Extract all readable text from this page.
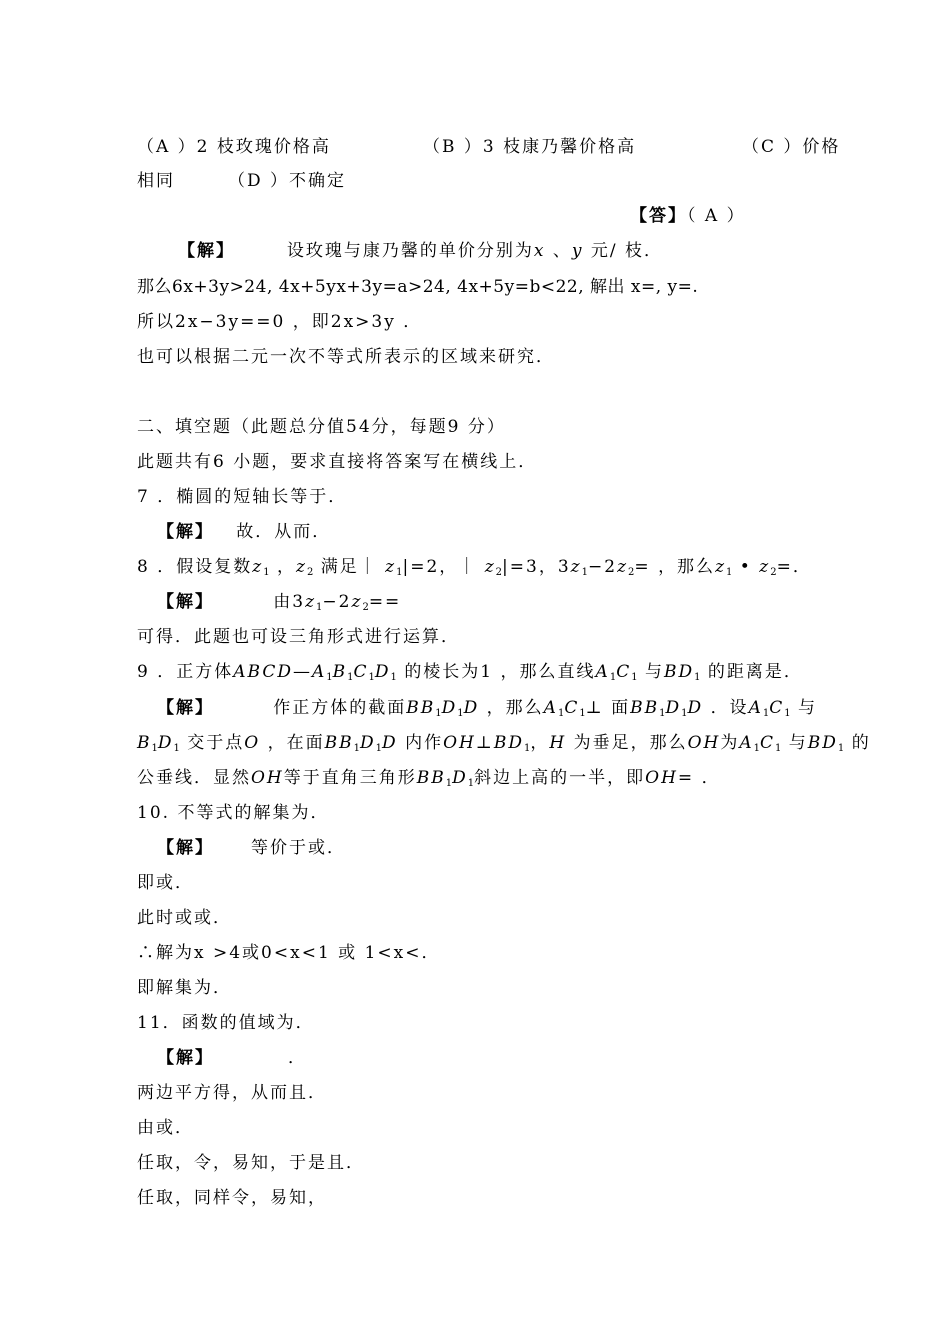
（A ）2 枝玫瑰价格高	（B ）3 枝康乃馨价格高	（C ）价格
相同	（D ）不确定
【答】（ A ）
【解】	设玫瑰与康乃馨的单价分别为x 、y 元/ 枝．
那么6x+3y>24, 4x+5yx+3y=a>24, 4x+5y=b<22, 解出 x=, y=.
所以2x−3y==0 ，即2x>3y ．
也可以根据二元一次不等式所表示的区域来研究．
二、填空题（此题总分值54分，每题9 分）
此题共有6 小题，要求直接将答案写在横线上．
7 ．椭圆的短轴长等于．
【解】 故．从而．
8 ．假设复数$z_1$ ，$z_2$ 满足｜ $z_1|=2$，｜ $z_2|=3$，$3z_1-2z_2=$ ，那么$z_1$ • $z_2=$．
【解】	由$3z_1-2z_2==$
可得．此题也可设三角形式进行运算．
9 ．正方体$ABCD—A_1B_1C_1D_1$ 的棱长为1 ，那么直线$A_1C_1$ 与$BD_1$ 的距离是．
【解】	作正方体的截面$BB_1D_1D$ ，那么$A_1C_1\perp$ 面$BB_1D_1D$ ．设$A_1C_1$ 与
$B_1D_1$ 交于点O ，在面$BB_1D_1D$ 内作$OH\perp BD_1$，H 为垂足，那么OH为$A_1C_1$ 与$BD_1$ 的
公垂线．显然OH等于直角三角形$BB_1D_1$斜边上高的一半，即OH= ．
10. 不等式的解集为．
【解】 等价于或．
即或．
此时或或．
∴解为x >4或0<x<1 或 1<x<．
即解集为．
11．函数的值域为．
【解】	．
两边平方得，从而且．
由或．
任取，令，易知，于是且．
任取，同样令，易知，
